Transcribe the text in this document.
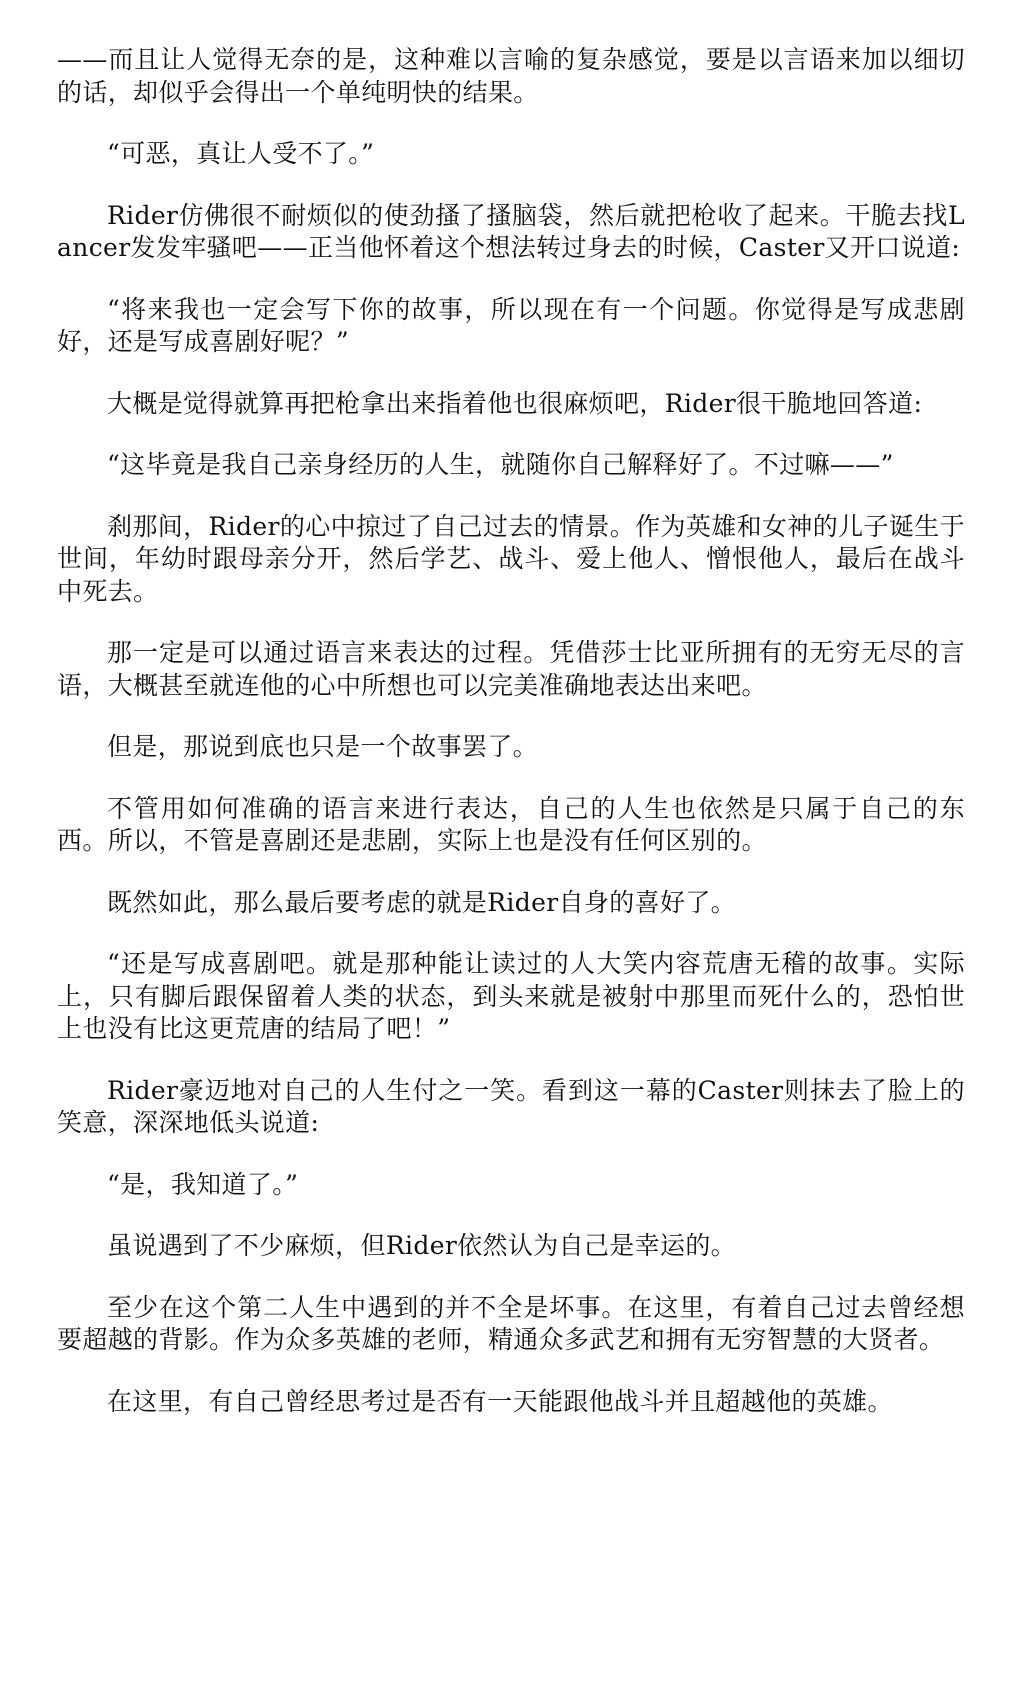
——而且让人觉得无奈的是，这种难以言喻的复杂感觉，要是以言语来加以细切的话，却似乎会得出一个单纯明快的结果。

“可恶，真让人受不了。”

Rider仿佛很不耐烦似的使劲搔了搔脑袋，然后就把枪收了起来。干脆去找Lancer发发牢骚吧——正当他怀着这个想法转过身去的时候，Caster又开口说道:

“将来我也一定会写下你的故事，所以现在有一个问题。你觉得是写成悲剧好，还是写成喜剧好呢？”

大概是觉得就算再把枪拿出来指着他也很麻烦吧，Rider很干脆地回答道:

“这毕竟是我自己亲身经历的人生，就随你自己解释好了。不过嘛——”

刹那间，Rider的心中掠过了自己过去的情景。作为英雄和女神的儿子诞生于世间，年幼时跟母亲分开，然后学艺、战斗、爱上他人、憎恨他人，最后在战斗中死去。

那一定是可以通过语言来表达的过程。凭借莎士比亚所拥有的无穷无尽的言语，大概甚至就连他的心中所想也可以完美准确地表达出来吧。

但是，那说到底也只是一个故事罢了。

不管用如何准确的语言来进行表达，自己的人生也依然是只属于自己的东西。所以，不管是喜剧还是悲剧，实际上也是没有任何区别的。

既然如此，那么最后要考虑的就是Rider自身的喜好了。

“还是写成喜剧吧。就是那种能让读过的人大笑内容荒唐无稽的故事。实际上，只有脚后跟保留着人类的状态，到头来就是被射中那里而死什么的，恐怕世上也没有比这更荒唐的结局了吧！”

Rider豪迈地对自己的人生付之一笑。看到这一幕的Caster则抹去了脸上的笑意，深深地低头说道:

“是，我知道了。”

虽说遇到了不少麻烦，但Rider依然认为自己是幸运的。

至少在这个第二人生中遇到的并不全是坏事。在这里，有着自己过去曾经想要超越的背影。作为众多英雄的老师，精通众多武艺和拥有无穷智慧的大贤者。

在这里，有自己曾经思考过是否有一天能跟他战斗并且超越他的英雄。
